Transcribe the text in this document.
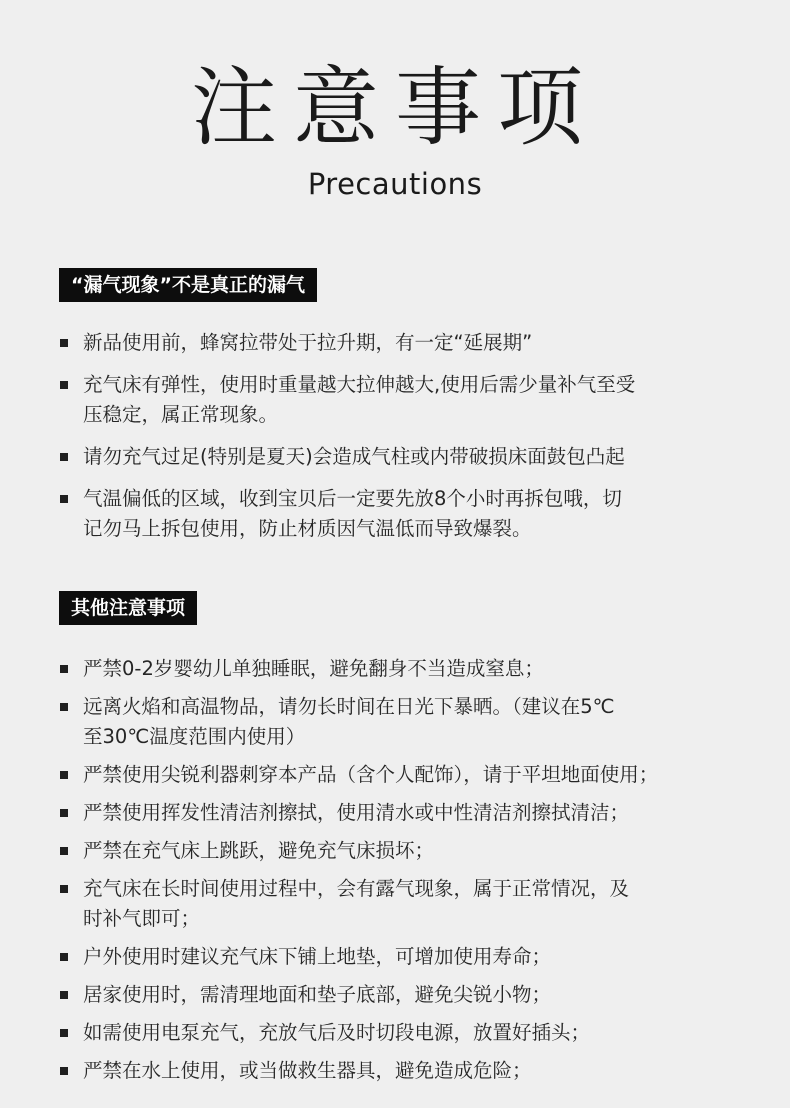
注意事项
Precautions
“漏气现象”不是真正的漏气
新品使用前，蜂窝拉带处于拉升期，有一定“延展期”
充气床有弹性，使用时重量越大拉伸越大,使用后需少量补气至受
压稳定，属正常现象。
请勿充气过足(特别是夏天)会造成气柱或内带破损床面鼓包凸起
气温偏低的区域，收到宝贝后一定要先放8个小时再拆包哦，切
记勿马上拆包使用，防止材质因气温低而导致爆裂。
其他注意事项
严禁0-2岁婴幼儿单独睡眠，避免翻身不当造成窒息；
远离火焰和高温物品，请勿长时间在日光下暴晒。（建议在5℃
至30℃温度范围内使用）
严禁使用尖锐利器刺穿本产品（含个人配饰），请于平坦地面使用；
严禁使用挥发性清洁剂擦拭，使用清水或中性清洁剂擦拭清洁；
严禁在充气床上跳跃，避免充气床损坏；
充气床在长时间使用过程中，会有露气现象，属于正常情况，及
时补气即可；
户外使用时建议充气床下铺上地垫，可增加使用寿命；
居家使用时，需清理地面和垫子底部，避免尖锐小物；
如需使用电泵充气，充放气后及时切段电源，放置好插头；
严禁在水上使用，或当做救生器具，避免造成危险；
